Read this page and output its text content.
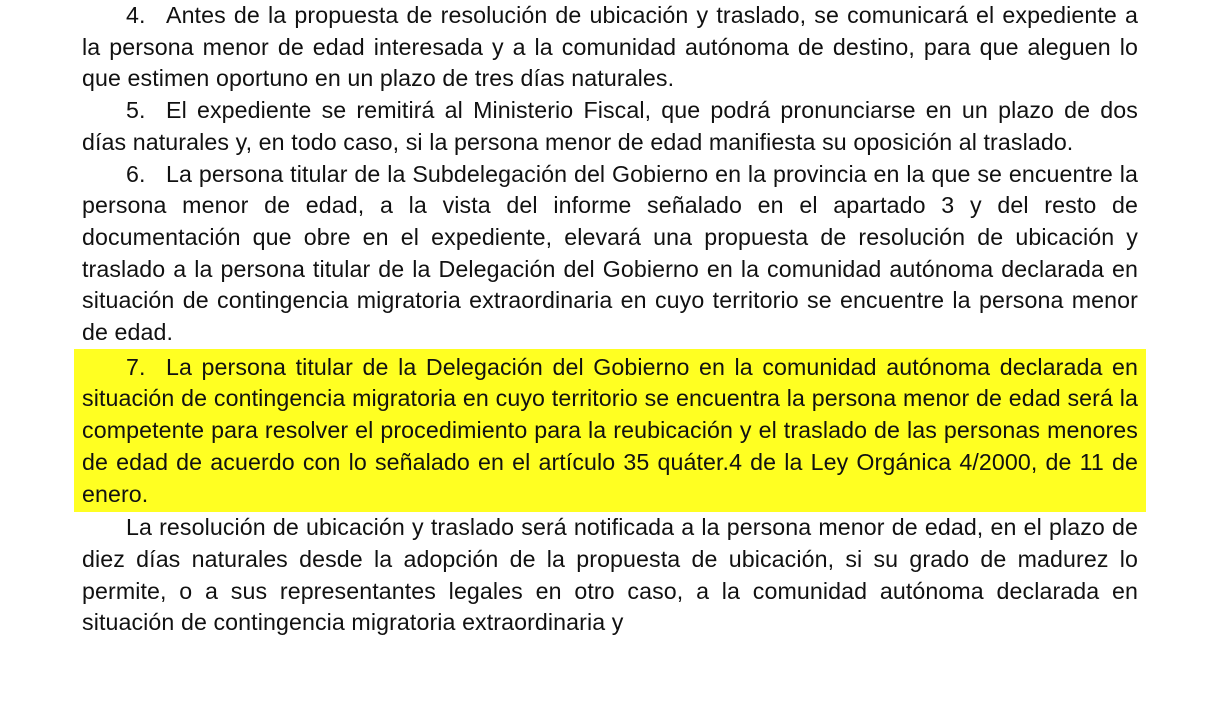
4. Antes de la propuesta de resolución de ubicación y traslado, se comunicará el expediente a la persona menor de edad interesada y a la comunidad autónoma de destino, para que aleguen lo que estimen oportuno en un plazo de tres días naturales.

5. El expediente se remitirá al Ministerio Fiscal, que podrá pronunciarse en un plazo de dos días naturales y, en todo caso, si la persona menor de edad manifiesta su oposición al traslado.

6. La persona titular de la Subdelegación del Gobierno en la provincia en la que se encuentre la persona menor de edad, a la vista del informe señalado en el apartado 3 y del resto de documentación que obre en el expediente, elevará una propuesta de resolución de ubicación y traslado a la persona titular de la Delegación del Gobierno en la comunidad autónoma declarada en situación de contingencia migratoria extraordinaria en cuyo territorio se encuentre la persona menor de edad.

7. La persona titular de la Delegación del Gobierno en la comunidad autónoma declarada en situación de contingencia migratoria en cuyo territorio se encuentra la persona menor de edad será la competente para resolver el procedimiento para la reubicación y el traslado de las personas menores de edad de acuerdo con lo señalado en el artículo 35 quáter.4 de la Ley Orgánica 4/2000, de 11 de enero.

La resolución de ubicación y traslado será notificada a la persona menor de edad, en el plazo de diez días naturales desde la adopción de la propuesta de ubicación, si su grado de madurez lo permite, o a sus representantes legales en otro caso, a la comunidad autónoma declarada en situación de contingencia migratoria extraordinaria y
